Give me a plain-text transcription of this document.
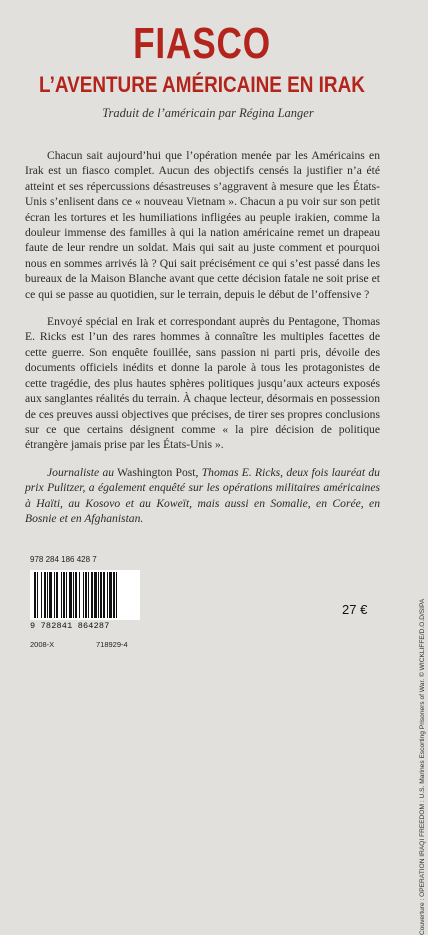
FIASCO
L’AVENTURE AMÉRICAINE EN IRAK
Traduit de l’américain par Régina Langer

Chacun sait aujourd’hui que l’opération menée par les Américains en Irak est un fiasco complet. Aucun des objectifs censés la justifier n’a été atteint et ses répercussions désastreuses s’aggravent à mesure que les États-Unis s’enlisent dans ce « nouveau Vietnam ». Chacun a pu voir sur son petit écran les tortures et les humiliations infligées au peuple irakien, comme la douleur immense des familles à qui la nation américaine remet un drapeau faute de leur rendre un soldat. Mais qui sait au juste comment et pourquoi nous en sommes arrivés là ? Qui sait précisément ce qui s’est passé dans les bureaux de la Maison Blanche avant que cette décision fatale ne soit prise et ce qui se passe au quotidien, sur le terrain, depuis le début de l’offensive ?

Envoyé spécial en Irak et correspondant auprès du Pentagone, Thomas E. Ricks est l’un des rares hommes à connaître les multiples facettes de cette guerre. Son enquête fouillée, sans passion ni parti pris, dévoile des documents officiels inédits et donne la parole à tous les protagonistes de cette tragédie, des plus hautes sphères politiques jusqu’aux acteurs exposés aux sanglantes réalités du terrain. À chaque lecteur, désormais en possession de ces preuves aussi objectives que précises, de tirer ses propres conclusions sur ce que certains désignent comme « la pire décision de politique étrangère jamais prise par les États-Unis ».

Journaliste au Washington Post, Thomas E. Ricks, deux fois lauréat du prix Pulitzer, a également enquêté sur les opérations militaires américaines à Haïti, au Kosovo et au Koweït, mais aussi en Somalie, en Corée, en Bosnie et en Afghanistan.

Couverture : OPERATION IRAQI FREEDOM : U.S. Marines Escorting Prisoners of War. © WICKLIFFE/D.O.D/SIPA
978 284 186 428 7
9 782841 864287
2008-X	718929-4
27 €
